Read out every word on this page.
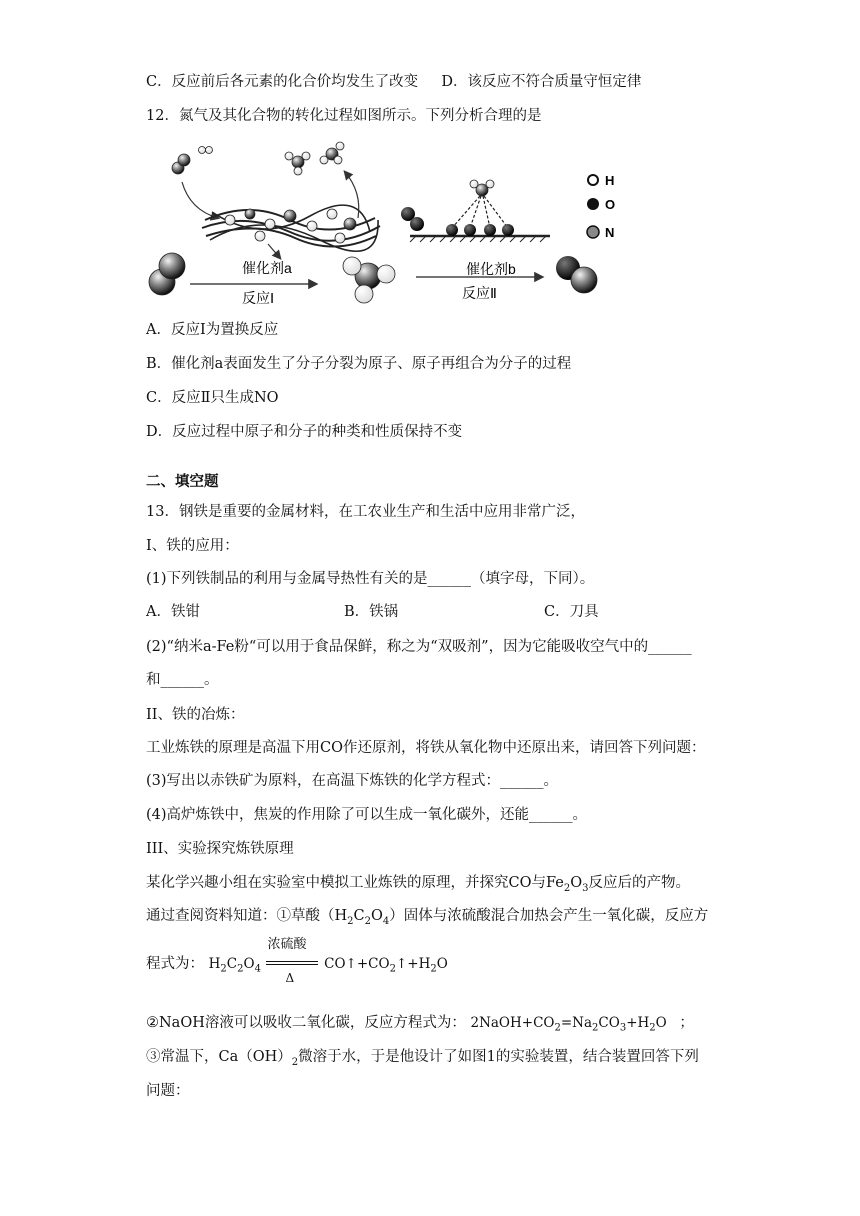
C．反应前后各元素的化合价均发生了改变 D．该反应不符合质量守恒定律
12．氮气及其化合物的转化过程如图所示。下列分析合理的是
催化剂a
反应Ⅰ
催化剂b
反应Ⅱ
H
O
N
A．反应Ⅰ为置换反应
B．催化剂a表面发生了分子分裂为原子、原子再组合为分子的过程
C．反应Ⅱ只生成NO
D．反应过程中原子和分子的种类和性质保持不变
二、填空题
13．钢铁是重要的金属材料，在工农业生产和生活中应用非常广泛，
I、铁的应用：
(1)下列铁制品的利用与金属导热性有关的是______（填字母，下同）。
A．铁钳	B．铁锅	C．刀具
(2)“纳米a-Fe粉“可以用于食品保鲜，称之为“双吸剂”，因为它能吸收空气中的______
和______。
II、铁的冶炼：
工业炼铁的原理是高温下用CO作还原剂，将铁从氧化物中还原出来，请回答下列问题：
(3)写出以赤铁矿为原料，在高温下炼铁的化学方程式：______。
(4)高炉炼铁中，焦炭的作用除了可以生成一氧化碳外，还能______。
III、实验探究炼铁原理
某化学兴趣小组在实验室中模拟工业炼铁的原理，并探究CO与$Fe_2O_3$反应后的产物。
通过查阅资料知道：①草酸$(H_2C_2O_4)$固体与浓硫酸混合加热会产生一氧化碳，反应方
程式为： $H_2C_2O_4$
浓硫酸
Δ
$CO↑+CO_2↑+H_2O$
②NaOH溶液可以吸收二氧化碳，反应方程式为： $2NaOH+CO_2=Na_2CO_3+H_2O$ ；
③常温下，$Ca(OH)_2$微溶于水，于是他设计了如图1的实验装置，结合装置回答下列
问题：
